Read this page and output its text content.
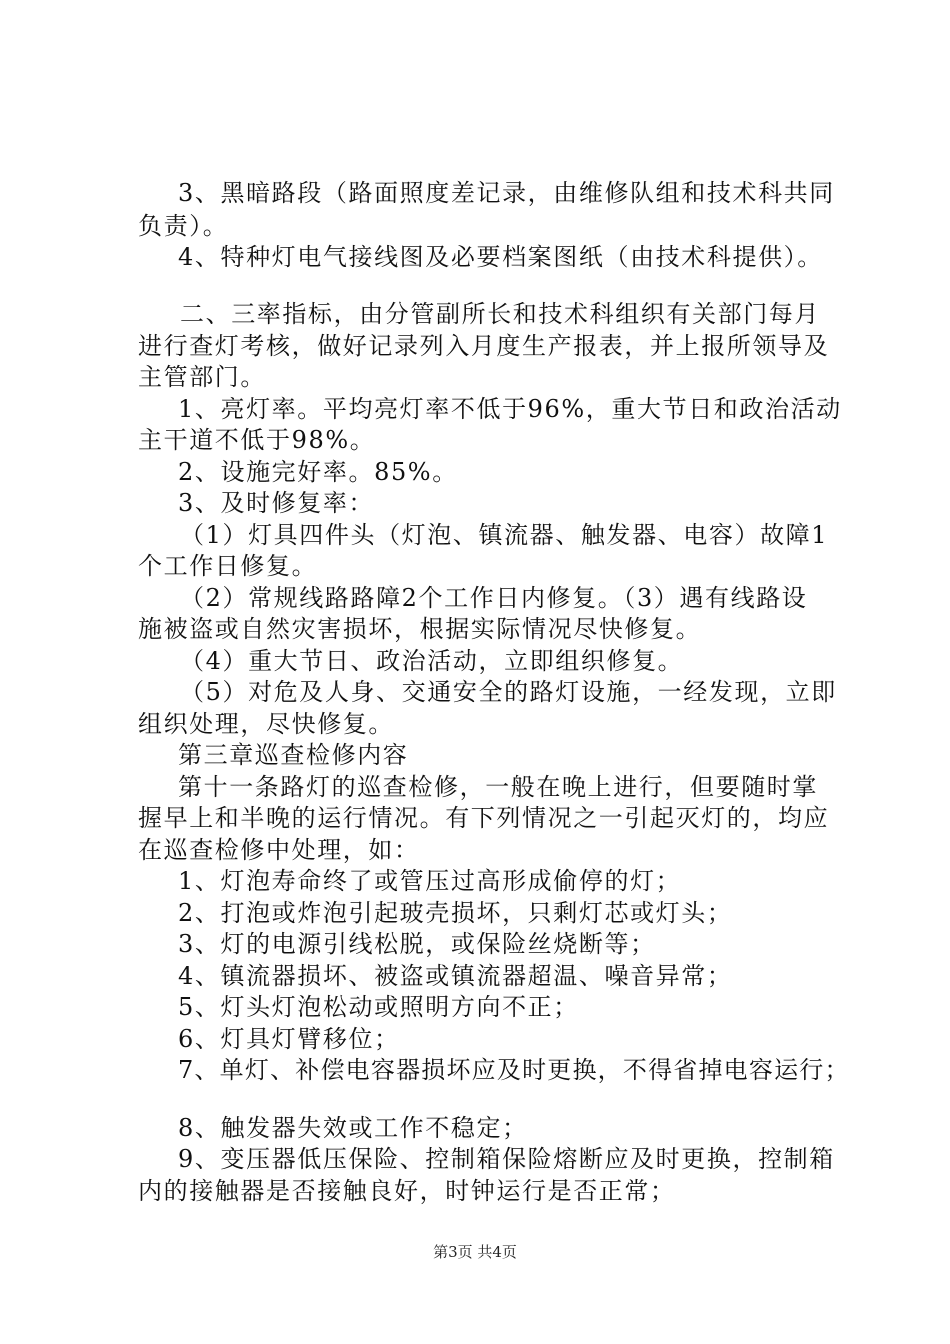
3、黑暗路段（路面照度差记录，由维修队组和技术科共同
负责）。
4、特种灯电气接线图及必要档案图纸（由技术科提供）。
二、三率指标，由分管副所长和技术科组织有关部门每月
进行查灯考核，做好记录列入月度生产报表，并上报所领导及
主管部门。
1、亮灯率。平均亮灯率不低于96%，重大节日和政治活动
主干道不低于98%。
2、设施完好率。85%。
3、及时修复率：
（1）灯具四件头（灯泡、镇流器、触发器、电容）故障1
个工作日修复。
（2）常规线路路障2个工作日内修复。（3）遇有线路设
施被盗或自然灾害损坏，根据实际情况尽快修复。
（4）重大节日、政治活动，立即组织修复。
（5）对危及人身、交通安全的路灯设施，一经发现，立即
组织处理，尽快修复。
第三章巡查检修内容
第十一条路灯的巡查检修，一般在晚上进行，但要随时掌
握早上和半晚的运行情况。有下列情况之一引起灭灯的，均应
在巡查检修中处理，如：
1、灯泡寿命终了或管压过高形成偷停的灯；
2、打泡或炸泡引起玻壳损坏，只剩灯芯或灯头；
3、灯的电源引线松脱，或保险丝烧断等；
4、镇流器损坏、被盗或镇流器超温、噪音异常；
5、灯头灯泡松动或照明方向不正；
6、灯具灯臂移位；
7、单灯、补偿电容器损坏应及时更换，不得省掉电容运行；
8、触发器失效或工作不稳定；
9、变压器低压保险、控制箱保险熔断应及时更换，控制箱
内的接触器是否接触良好，时钟运行是否正常；
第3页 共4页
